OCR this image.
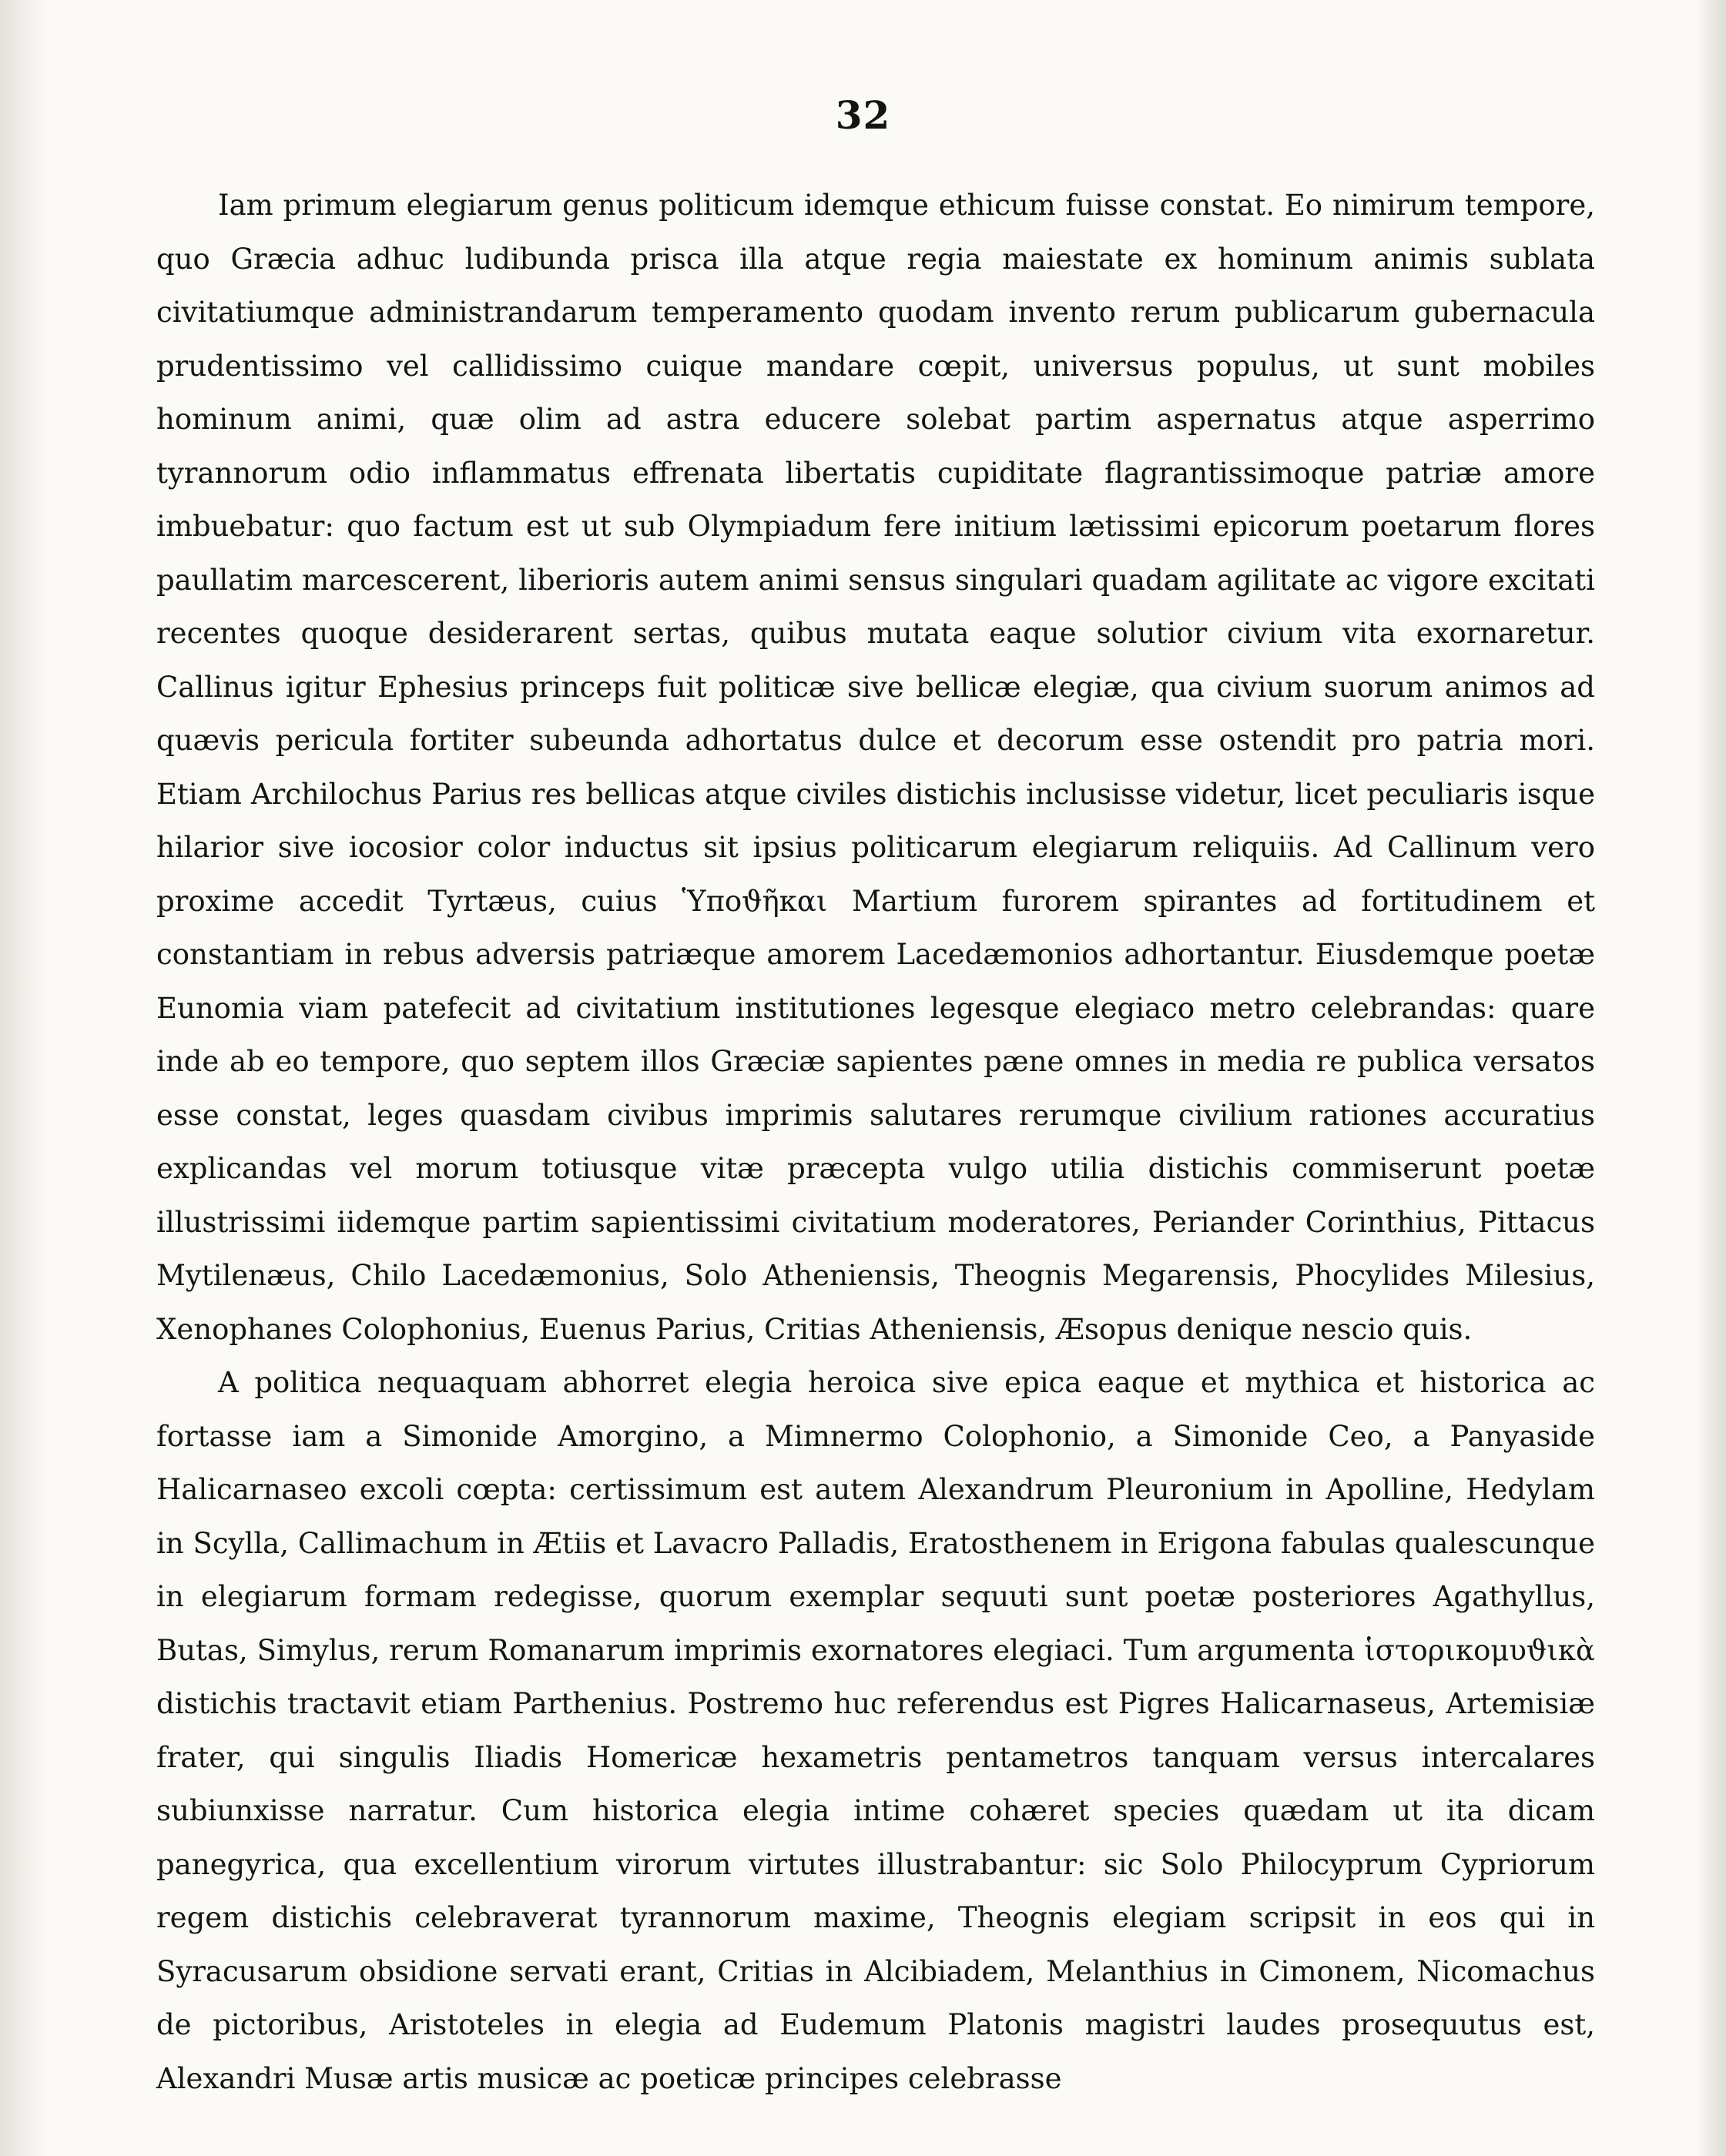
32

Iam primum elegiarum genus politicum idemque ethicum fuisse constat. Eo nimirum tempore, quo Græcia adhuc ludibunda prisca illa atque regia maiestate ex hominum animis sublata civitatiumque administrandarum temperamento quodam invento rerum publicarum gubernacula prudentissimo vel callidissimo cuique mandare cœpit, universus populus, ut sunt mobiles hominum animi, quæ olim ad astra educere solebat partim aspernatus atque asperrimo tyrannorum odio inflammatus effrenata libertatis cupiditate flagrantissimoque patriæ amore imbuebatur: quo factum est ut sub Olympiadum fere initium lætissimi epicorum poetarum flores paullatim marcescerent, liberioris autem animi sensus singulari quadam agilitate ac vigore excitati recentes quoque desiderarent sertas, quibus mutata eaque solutior civium vita exornaretur. Callinus igitur Ephesius princeps fuit politicæ sive bellicæ elegiæ, qua civium suorum animos ad quævis pericula fortiter subeunda adhortatus dulce et decorum esse ostendit pro patria mori. Etiam Archilochus Parius res bellicas atque civiles distichis inclusisse videtur, licet peculiaris isque hilarior sive iocosior color inductus sit ipsius politicarum elegiarum reliquiis. Ad Callinum vero proxime accedit Tyrtæus, cuius Ὑποϑῆκαι Martium furorem spirantes ad fortitudinem et constantiam in rebus adversis patriæque amorem Lacedæmonios adhortantur. Eiusdemque poetæ Eunomia viam patefecit ad civitatium institutiones legesque elegiaco metro celebrandas: quare inde ab eo tempore, quo septem illos Græciæ sapientes pæne omnes in media re publica versatos esse constat, leges quasdam civibus imprimis salutares rerumque civilium rationes accuratius explicandas vel morum totiusque vitæ præcepta vulgo utilia distichis commiserunt poetæ illustrissimi iidemque partim sapientissimi civitatium moderatores, Periander Corinthius, Pittacus Mytilenæus, Chilo Lacedæmonius, Solo Atheniensis, Theognis Megarensis, Phocylides Milesius, Xenophanes Colophonius, Euenus Parius, Critias Atheniensis, Æsopus denique nescio quis.

A politica nequaquam abhorret elegia heroica sive epica eaque et mythica et historica ac fortasse iam a Simonide Amorgino, a Mimnermo Colophonio, a Simonide Ceo, a Panyaside Halicarnaseo excoli cœpta: certissimum est autem Alexandrum Pleuronium in Apolline, Hedylam in Scylla, Callimachum in Ætiis et Lavacro Palladis, Eratosthenem in Erigona fabulas qualescunque in elegiarum formam redegisse, quorum exemplar sequuti sunt poetæ posteriores Agathyllus, Butas, Simylus, rerum Romanarum imprimis exornatores elegiaci. Tum argumenta ἱστορικομυϑικὰ distichis tractavit etiam Parthenius. Postremo huc referendus est Pigres Halicarnaseus, Artemisiæ frater, qui singulis Iliadis Homericæ hexametris pentametros tanquam versus intercalares subiunxisse narratur. Cum historica elegia intime cohæret species quædam ut ita dicam panegyrica, qua excellentium virorum virtutes illustrabantur: sic Solo Philocyprum Cypriorum regem distichis celebraverat tyrannorum maxime, Theognis elegiam scripsit in eos qui in Syracusarum obsidione servati erant, Critias in Alcibiadem, Melanthius in Cimonem, Nicomachus de pictoribus, Aristoteles in elegia ad Eudemum Platonis magistri laudes prosequutus est, Alexandri Musæ artis musicæ ac poeticæ principes celebrasse
